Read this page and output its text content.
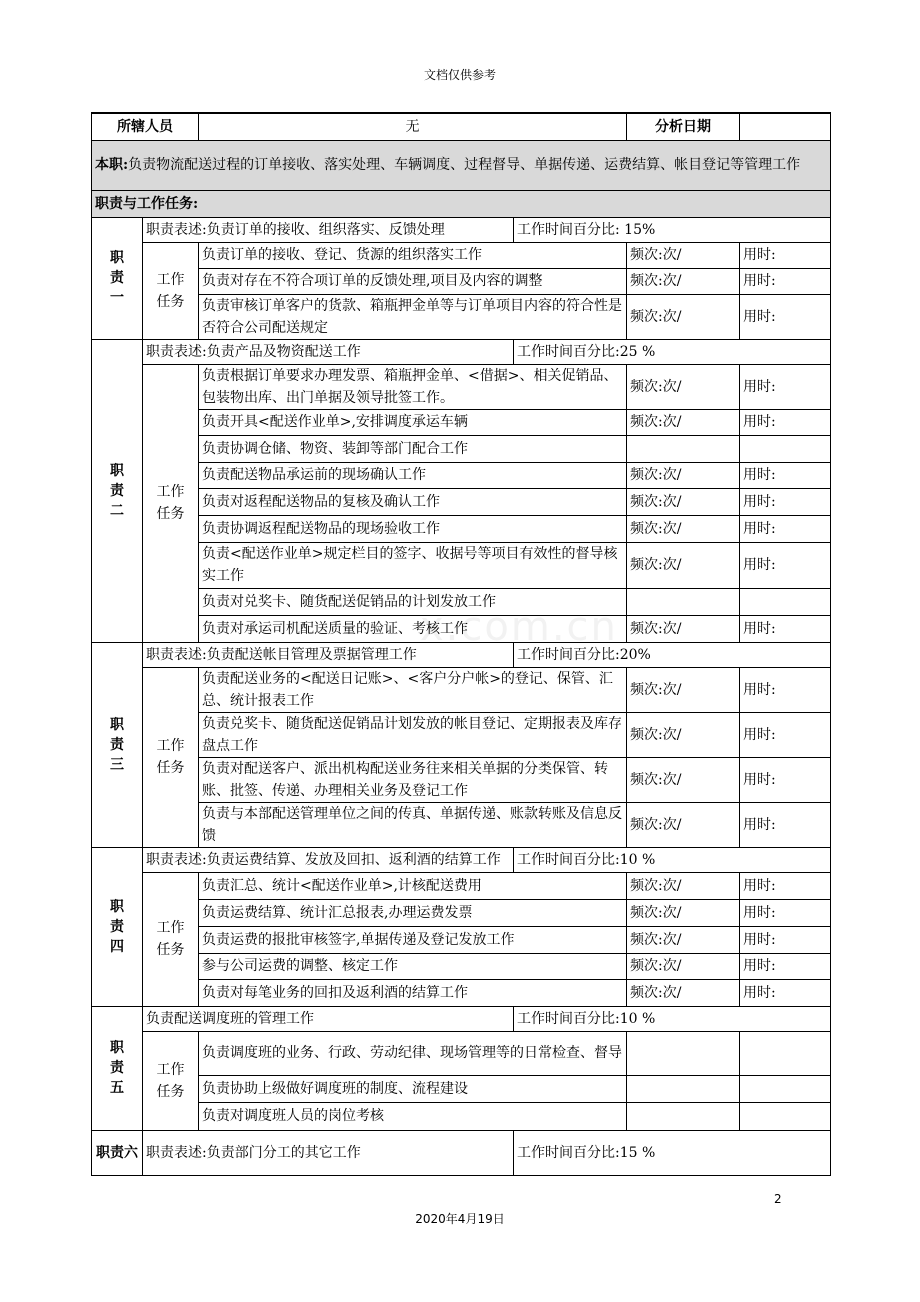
文档仅供参考
x.com.cn
所辖人员		无		分析日期	
本职:负责物流配送过程的订单接收、落实处理、车辆调度、过程督导、单据传递、运费结算、帐目登记等管理工作					
职责与工作任务:					
职责一	职责表述:负责订单的接收、组织落实、反馈处理		工作时间百分比: 15%		
	工作任务	负责订单的接收、登记、货源的组织落实工作		频次:次/	用时:
		负责对存在不符合项订单的反馈处理,项目及内容的调整		频次:次/	用时:
		负责审核订单客户的货款、箱瓶押金单等与订单项目内容的符合性是否符合公司配送规定		频次:次/	用时:
职责二	职责表述:负责产品及物资配送工作		工作时间百分比:25 %		
	工作任务	负责根据订单要求办理发票、箱瓶押金单、<借据>、相关促销品、包装物出库、出门单据及领导批签工作。		频次:次/	用时:
		负责开具<配送作业单>,安排调度承运车辆		频次:次/	用时:
		负责协调仓储、物资、装卸等部门配合工作			
		负责配送物品承运前的现场确认工作		频次:次/	用时:
		负责对返程配送物品的复核及确认工作		频次:次/	用时:
		负责协调返程配送物品的现场验收工作		频次:次/	用时:
		负责<配送作业单>规定栏目的签字、收据号等项目有效性的督导核实工作		频次:次/	用时:
		负责对兑奖卡、随货配送促销品的计划发放工作			
		负责对承运司机配送质量的验证、考核工作		频次:次/	用时:
职责三	职责表述:负责配送帐目管理及票据管理工作		工作时间百分比:20%		
	工作任务	负责配送业务的<配送日记账>、<客户分户帐>的登记、保管、汇总、统计报表工作		频次:次/	用时:
		负责兑奖卡、随货配送促销品计划发放的帐目登记、定期报表及库存盘点工作		频次:次/	用时:
		负责对配送客户、派出机构配送业务往来相关单据的分类保管、转账、批签、传递、办理相关业务及登记工作		频次:次/	用时:
		负责与本部配送管理单位之间的传真、单据传递、账款转账及信息反馈		频次:次/	用时:
职责四	职责表述:负责运费结算、发放及回扣、返利酒的结算工作		工作时间百分比:10 %		
	工作任务	负责汇总、统计<配送作业单>,计核配送费用		频次:次/	用时:
		负责运费结算、统计汇总报表,办理运费发票		频次:次/	用时:
		负责运费的报批审核签字,单据传递及登记发放工作		频次:次/	用时:
		参与公司运费的调整、核定工作		频次:次/	用时:
		负责对每笔业务的回扣及返利酒的结算工作		频次:次/	用时:
职责五	负责配送调度班的管理工作		工作时间百分比:10 %		
	工作任务	负责调度班的业务、行政、劳动纪律、现场管理等的日常检查、督导			
		负责协助上级做好调度班的制度、流程建设			
		负责对调度班人员的岗位考核			
职责六	职责表述:负责部门分工的其它工作		工作时间百分比:15 %		
2
2020年4月19日
